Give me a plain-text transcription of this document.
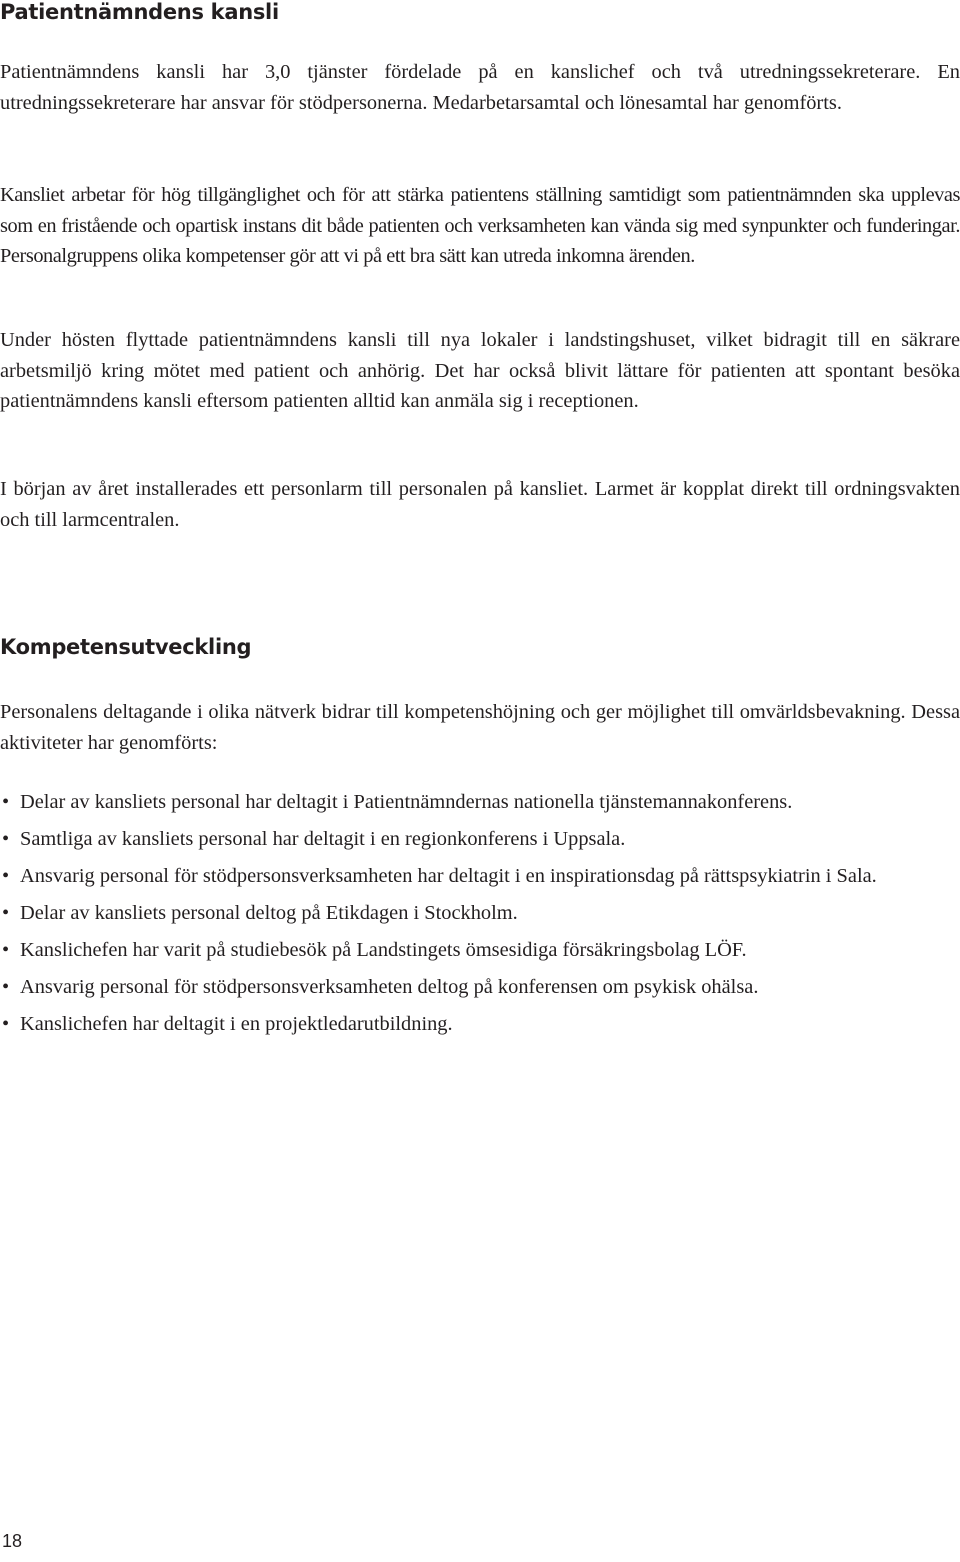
Patientnämndens kansli

Patientnämndens kansli har 3,0 tjänster fördelade på en kanslichef och två utredningssekreterare. En utredningssekreterare har ansvar för stödpersonerna. Medarbetarsamtal och lönesamtal har genomförts.

Kansliet arbetar för hög tillgänglighet och för att stärka patientens ställning samtidigt som patientnämnden ska upplevas som en fristående och opartisk instans dit både patienten och verksamheten kan vända sig med synpunkter och funderingar. Personalgruppens olika kompetenser gör att vi på ett bra sätt kan utreda inkomna ärenden.

Under hösten flyttade patientnämndens kansli till nya lokaler i landstingshuset, vilket bidragit till en säkrare arbetsmiljö kring mötet med patient och anhörig. Det har också blivit lättare för patienten att spontant besöka patientnämndens kansli eftersom patienten alltid kan anmäla sig i receptionen.

I början av året installerades ett personlarm till personalen på kansliet. Larmet är kopplat direkt till ordningsvakten och till larmcentralen.

Kompetensutveckling

Personalens deltagande i olika nätverk bidrar till kompetenshöjning och ger möjlighet till omvärldsbevakning. Dessa aktiviteter har genomförts:

• Delar av kansliets personal har deltagit i Patientnämndernas nationella tjänstemannakonferens.
• Samtliga av kansliets personal har deltagit i en regionkonferens i Uppsala.
• Ansvarig personal för stödpersonsverksamheten har deltagit i en inspirationsdag på rättspsykiatrin i Sala.
• Delar av kansliets personal deltog på Etikdagen i Stockholm.
• Kanslichefen har varit på studiebesök på Landstingets ömsesidiga försäkringsbolag LÖF.
• Ansvarig personal för stödpersonsverksamheten deltog på konferensen om psykisk ohälsa.
• Kanslichefen har deltagit i en projektledarutbildning.
18
